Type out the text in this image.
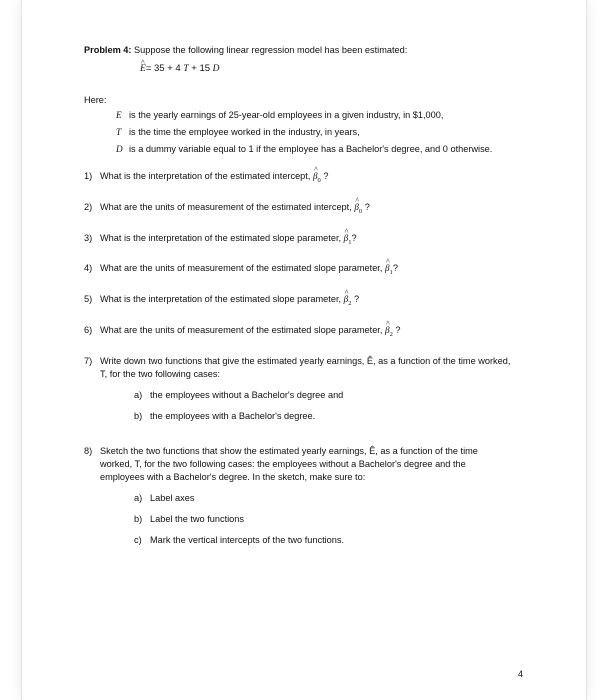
Problem 4: Suppose the following linear regression model has been estimated:

^ E= 35 + 4 T + 15 D

Here:

E is the yearly earnings of 25-year-old employees in a given industry, in $1,000,
T is the time the employee worked in the industry, in years,
D is a dummy variable equal to 1 if the employee has a Bachelor's degree, and 0 otherwise.
1) What is the interpretation of the estimated intercept, ^ $\beta_0$ ?
2) What are the units of measurement of the estimated intercept, ^ $\beta_0$ ?
3) What is the interpretation of the estimated slope parameter, ^ $\beta_1$?
4) What are the units of measurement of the estimated slope parameter, ^ $\beta_1$?
5) What is the interpretation of the estimated slope parameter, ^ $\beta_2$ ?
6) What are the units of measurement of the estimated slope parameter, ^ $\beta_2$ ?
7) Write down two functions that give the estimated yearly earnings, Ê, as a function of the time worked, T, for the two following cases:
a) the employees without a Bachelor's degree and
b) the employees with a Bachelor's degree.
8) Sketch the two functions that show the estimated yearly earnings, Ê, as a function of the time worked, T, for the two following cases: the employees without a Bachelor's degree and the employees with a Bachelor's degree. In the sketch, make sure to:
a) Label axes
b) Label the two functions
c) Mark the vertical intercepts of the two functions.
4
